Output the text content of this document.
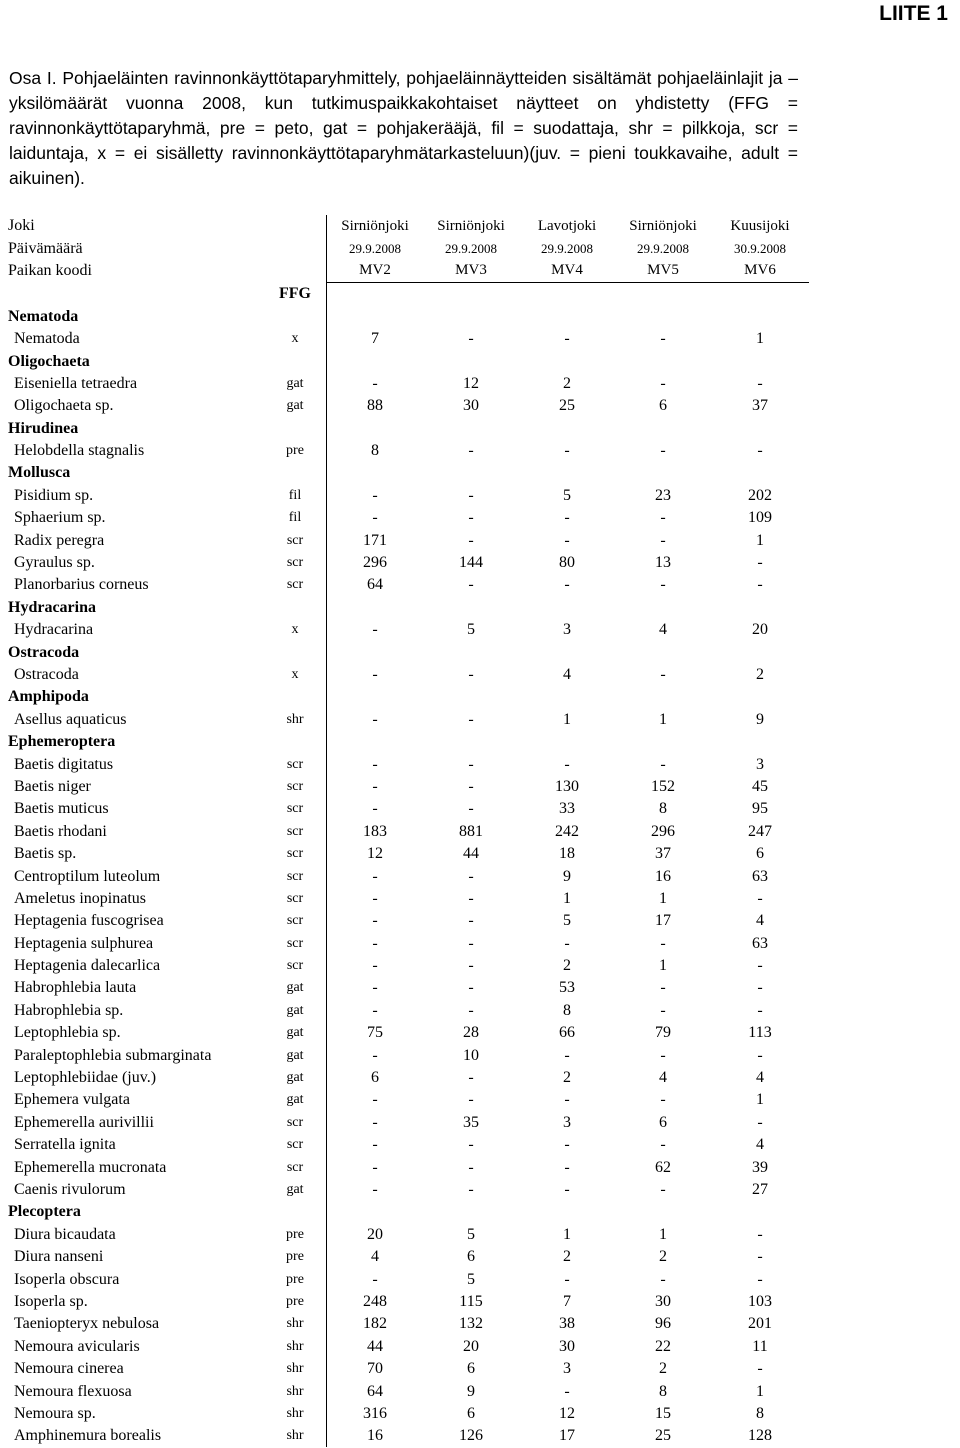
LIITE 1
Osa I. Pohjaeläinten ravinnonkäyttötaparyhmittely, pohjaeläinnäytteiden sisältämät pohjaeläinlajit ja –yksilömäärät vuonna 2008, kun tutkimuspaikkakohtaiset näytteet on yhdistetty (FFG = ravinnonkäyttötaparyhmä, pre = peto, gat = pohjakerääjä, fil = suodattaja, shr = pilkkoja, scr = laiduntaja, x = ei sisälletty ravinnonkäyttötaparyhmätarkasteluun)(juv. = pieni toukkavaihe, adult = aikuinen).
Joki		Sirniönjoki	Sirniönjoki	Lavotjoki	Sirniönjoki	Kuusijoki
Päivämäärä		29.9.2008	29.9.2008	29.9.2008	29.9.2008	30.9.2008
Paikan koodi		MV2	MV3	MV4	MV5	MV6
	FFG					
Nematoda						
Nematoda	x	7	-	-	-	1
Oligochaeta						
Eiseniella tetraedra	gat	-	12	2	-	-
Oligochaeta sp.	gat	88	30	25	6	37
Hirudinea						
Helobdella stagnalis	pre	8	-	-	-	-
Mollusca						
Pisidium sp.	fil	-	-	5	23	202
Sphaerium sp.	fil	-	-	-	-	109
Radix peregra	scr	171	-	-	-	1
Gyraulus sp.	scr	296	144	80	13	-
Planorbarius corneus	scr	64	-	-	-	-
Hydracarina						
Hydracarina	x	-	5	3	4	20
Ostracoda						
Ostracoda	x	-	-	4	-	2
Amphipoda						
Asellus aquaticus	shr	-	-	1	1	9
Ephemeroptera						
Baetis digitatus	scr	-	-	-	-	3
Baetis niger	scr	-	-	130	152	45
Baetis muticus	scr	-	-	33	8	95
Baetis rhodani	scr	183	881	242	296	247
Baetis sp.	scr	12	44	18	37	6
Centroptilum luteolum	scr	-	-	9	16	63
Ameletus inopinatus	scr	-	-	1	1	-
Heptagenia fuscogrisea	scr	-	-	5	17	4
Heptagenia sulphurea	scr	-	-	-	-	63
Heptagenia dalecarlica	scr	-	-	2	1	-
Habrophlebia lauta	gat	-	-	53	-	-
Habrophlebia sp.	gat	-	-	8	-	-
Leptophlebia sp.	gat	75	28	66	79	113
Paraleptophlebia submarginata	gat	-	10	-	-	-
Leptophlebiidae (juv.)	gat	6	-	2	4	4
Ephemera vulgata	gat	-	-	-	-	1
Ephemerella aurivillii	scr	-	35	3	6	-
Serratella ignita	scr	-	-	-	-	4
Ephemerella mucronata	scr	-	-	-	62	39
Caenis rivulorum	gat	-	-	-	-	27
Plecoptera						
Diura bicaudata	pre	20	5	1	1	-
Diura nanseni	pre	4	6	2	2	-
Isoperla obscura	pre	-	5	-	-	-
Isoperla sp.	pre	248	115	7	30	103
Taeniopteryx nebulosa	shr	182	132	38	96	201
Nemoura avicularis	shr	44	20	30	22	11
Nemoura cinerea	shr	70	6	3	2	-
Nemoura flexuosa	shr	64	9	-	8	1
Nemoura sp.	shr	316	6	12	15	8
Amphinemura borealis	shr	16	126	17	25	128
